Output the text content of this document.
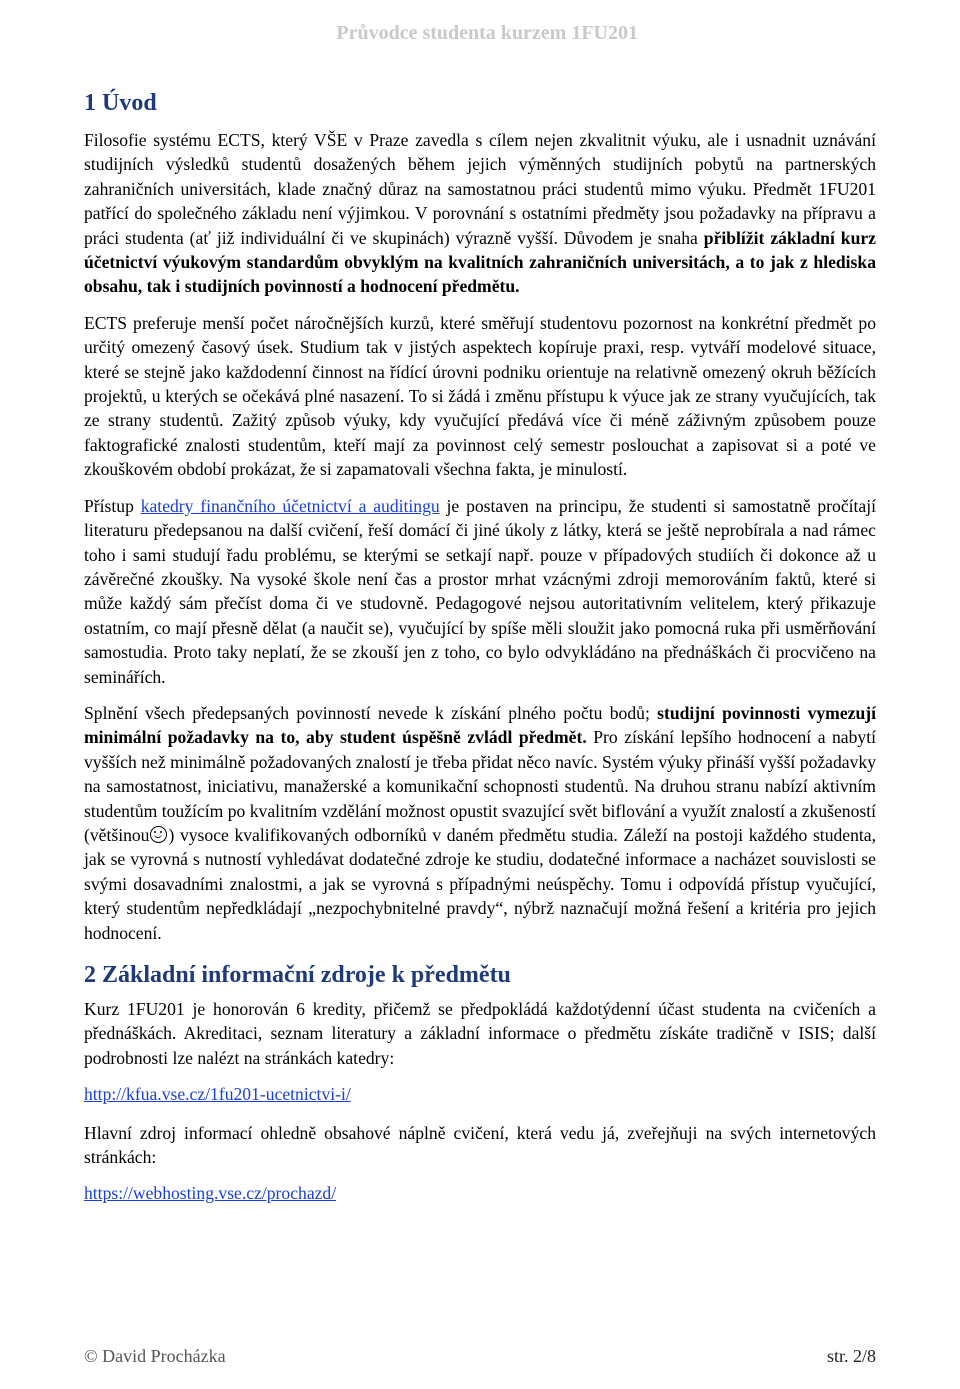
Průvodce studenta kurzem 1FU201
1 Úvod

Filosofie systému ECTS, který VŠE v Praze zavedla s cílem nejen zkvalitnit výuku, ale i usnadnit uznávání studijních výsledků studentů dosažených během jejich výměnných studijních pobytů na partnerských zahraničních universitách, klade značný důraz na samostatnou práci studentů mimo výuku. Předmět 1FU201 patřící do společného základu není výjimkou. V porovnání s ostatními předměty jsou požadavky na přípravu a práci studenta (ať již individuální či ve skupinách) výrazně vyšší. Důvodem je snaha přiblížit základní kurz účetnictví výukovým standardům obvyklým na kvalitních zahraničních universitách, a to jak z hlediska obsahu, tak i studijních povinností a hodnocení předmětu.

ECTS preferuje menší počet náročnějších kurzů, které směřují studentovu pozornost na konkrétní předmět po určitý omezený časový úsek. Studium tak v jistých aspektech kopíruje praxi, resp. vytváří modelové situace, které se stejně jako každodenní činnost na řídící úrovni podniku orientuje na relativně omezený okruh běžících projektů, u kterých se očekává plné nasazení. To si žádá i změnu přístupu k výuce jak ze strany vyučujících, tak ze strany studentů. Zažitý způsob výuky, kdy vyučující předává více či méně záživným způsobem pouze faktografické znalosti studentům, kteří mají za povinnost celý semestr poslouchat a zapisovat si a poté ve zkouškovém období prokázat, že si zapamatovali všechna fakta, je minulostí.

Přístup katedry finančního účetnictví a auditingu je postaven na principu, že studenti si samostatně pročítají literaturu předepsanou na další cvičení, řeší domácí či jiné úkoly z látky, která se ještě neprobírala a nad rámec toho i sami studují řadu problému, se kterými se setkají např. pouze v případových studiích či dokonce až u závěrečné zkoušky. Na vysoké škole není čas a prostor mrhat vzácnými zdroji memorováním faktů, které si může každý sám přečíst doma či ve studovně. Pedagogové nejsou autoritativním velitelem, který přikazuje ostatním, co mají přesně dělat (a naučit se), vyučující by spíše měli sloužit jako pomocná ruka při usměrňování samostudia. Proto taky neplatí, že se zkouší jen z toho, co bylo odvykládáno na přednáškách či procvičeno na seminářích.

Splnění všech předepsaných povinností nevede k získání plného počtu bodů; studijní povinnosti vymezují minimální požadavky na to, aby student úspěšně zvládl předmět. Pro získání lepšího hodnocení a nabytí vyšších než minimálně požadovaných znalostí je třeba přidat něco navíc. Systém výuky přináší vyšší požadavky na samostatnost, iniciativu, manažerské a komunikační schopnosti studentů. Na druhou stranu nabízí aktivním studentům toužícím po kvalitním vzdělání možnost opustit svazující svět biflování a využít znalostí a zkušeností (většinou ) vysoce kvalifikovaných odborníků v daném předmětu studia. Záleží na postoji každého studenta, jak se vyrovná s nutností vyhledávat dodatečné zdroje ke studiu, dodatečné informace a nacházet souvislosti se svými dosavadními znalostmi, a jak se vyrovná s případnými neúspěchy. Tomu i odpovídá přístup vyučující, který studentům nepředkládají „nezpochybnitelné pravdy“, nýbrž naznačují možná řešení a kritéria pro jejich hodnocení.

2 Základní informační zdroje k předmětu

Kurz 1FU201 je honorován 6 kredity, přičemž se předpokládá každotýdenní účast studenta na cvičeních a přednáškách. Akreditaci, seznam literatury a základní informace o předmětu získáte tradičně v ISIS; další podrobnosti lze nalézt na stránkách katedry:

http://kfua.vse.cz/1fu201-ucetnictvi-i/

Hlavní zdroj informací ohledně obsahové náplně cvičení, která vedu já, zveřejňuji na svých internetových stránkách:

https://webhosting.vse.cz/prochazd/

© David Procházka	str. 2/8
